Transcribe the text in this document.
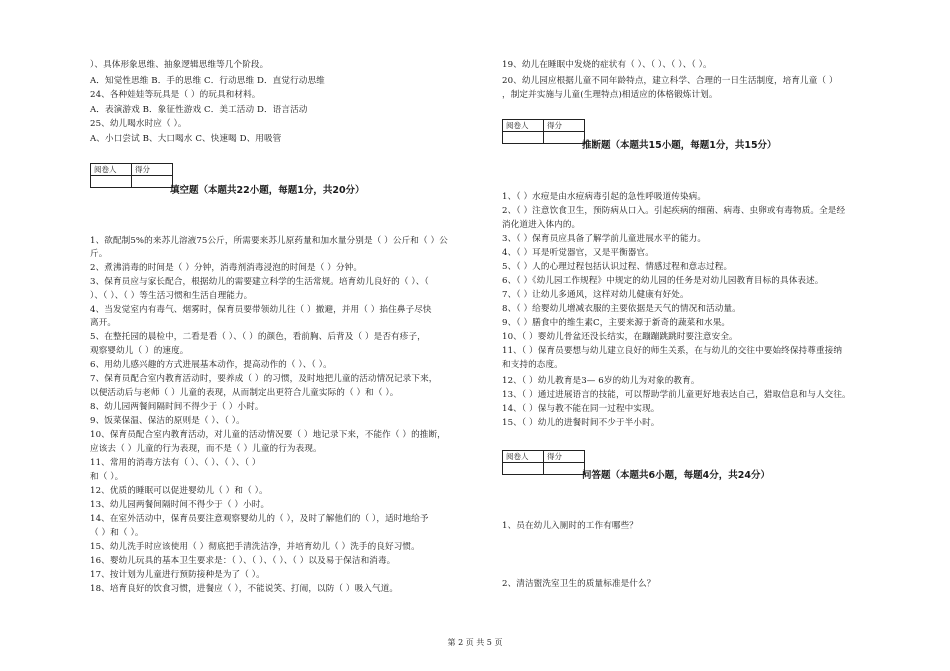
）、具体形象思维、抽象逻辑思维等几个阶段。
A．知觉性思维 B．手的思维 C．行动思维 D．直觉行动思维
24、各种娃娃等玩具是（ ）的玩具和材料。
A．表演游戏 B．象征性游戏 C．美工活动 D．语言活动
25、幼儿喝水时应（ ）。
A、小口尝试 B、大口喝水 C、快速喝 D、用吸管
阅卷人	得分

填空题（本题共22小题，每题1分，共20分）
1、欲配制5%的来苏儿溶液75公斤，所需要来苏儿原药量和加水量分别是（ ）公斤和（ ）公
斤。
2、煮沸消毒的时间是（ ）分钟，消毒剂消毒浸泡的时间是（ ）分钟。
3、保育员应与家长配合，根据幼儿的需要建立科学的生活常规。培育幼儿良好的（ ）、（
）、（ ）、（ ）等生活习惯和生活自理能力。
4、当发觉室内有毒气、烟雾时，保育员要带领幼儿往（ ）撤避，并用（ ）掐住鼻子尽快
离开。
5、在整托园的晨检中，二看是看（ ）、（ ）的颜色，看前胸、后背及（ ）是否有疹子，
观察婴幼儿（ ）的速度。
6、用幼儿感兴趣的方式进展基本动作，提高动作的（ ）、（ ）。
7、保育员配合室内教育活动时，要养成（ ）的习惯，及时地把儿童的活动情况记录下来，
以便活动后与老师（ ）儿童的表现，从而制定出更符合儿童实际的（ ）和（ ）。
8、幼儿园两餐间隔时间不得少于（ ）小时。
9、饭菜保温、保洁的原则是（ ）、（ ）。
10、保育员配合室内教育活动，对儿童的活动情况要（ ）地记录下来，不能作（ ）的推断，
应该去（ ）儿童的行为表现，而不是（ ）儿童的行为表现。
11、常用的消毒方法有（ ）、（ ）、（ ）、（ ）
和（ ）。
12、优质的睡眠可以促进婴幼儿（ ）和（ ）。
13、幼儿园两餐间隔时间不得少于（ ）小时。
14、在室外活动中，保育员要注意观察婴幼儿的（ ），及时了解他们的（ ），适时地给予
（ ）和（ ）。
15、幼儿洗手时应该使用（ ）彻底把手清洗洁净，并培育幼儿（ ）洗手的良好习惯。
16、婴幼儿玩具的基本卫生要求是：（ ）、（ ）、（ ）、（ ）以及易于保洁和消毒。
17、按计划为儿童进行预防接种是为了（ ）。
18、培育良好的饮食习惯，进餐应（ ），不能说笑、打闹，以防（ ）吸入气道。
19、幼儿在睡眠中发烧的症状有（ ）、（ ）、（ ）、（ ）。
20、幼儿园应根据儿童不同年龄特点，建立科学、合理的一日生活制度，培育儿童（ ）
，制定并实施与儿童(生理特点)相适应的体格锻炼计划。
阅卷人	得分

推断题（本题共15小题，每题1分，共15分）
1、（ ）水痘是由水痘病毒引起的急性呼吸道传染病。
2、（ ）注意饮食卫生，预防病从口入。引起疾病的细菌、病毒、虫卵或有毒物质。全是经
消化道进入体内的。
3、（ ）保育员应具备了解学前儿童进展水平的能力。
4、（ ）耳是听觉器官，又是平衡器官。
5、（ ）人的心理过程包括认识过程、情感过程和意志过程。
6、（ ）《幼儿园工作规程》中规定的幼儿园的任务是对幼儿园教育目标的具体表述。
7、（ ）让幼儿多通风，这样对幼儿健康有好处。
8、（ ）给婴幼儿增减衣服的主要依据是天气的情况和活动量。
9、（ ）膳食中的维生素C，主要来源于新奇的蔬菜和水果。
10、（ ）婴幼儿骨盆还没长结实，在蹦蹦跳跳时要注意安全。
11、（ ）保育员要想与幼儿建立良好的师生关系，在与幼儿的交往中要始终保持尊重接纳
和支持的态度。
12、（ ）幼儿教育是3— 6岁的幼儿为对象的教育。
13、（ ）通过进展语言的技能，可以帮助学前儿童更好地表达自己，猎取信息和与人交往。
14、（ ）保与教不能在同一过程中实现。
15、（ ）幼儿的进餐时间不少于半小时。
阅卷人	得分

问答题（本题共6小题，每题4分，共24分）
1、员在幼儿入厕时的工作有哪些？
2、清洁盥洗室卫生的质量标准是什么？
第 2 页 共 5 页
